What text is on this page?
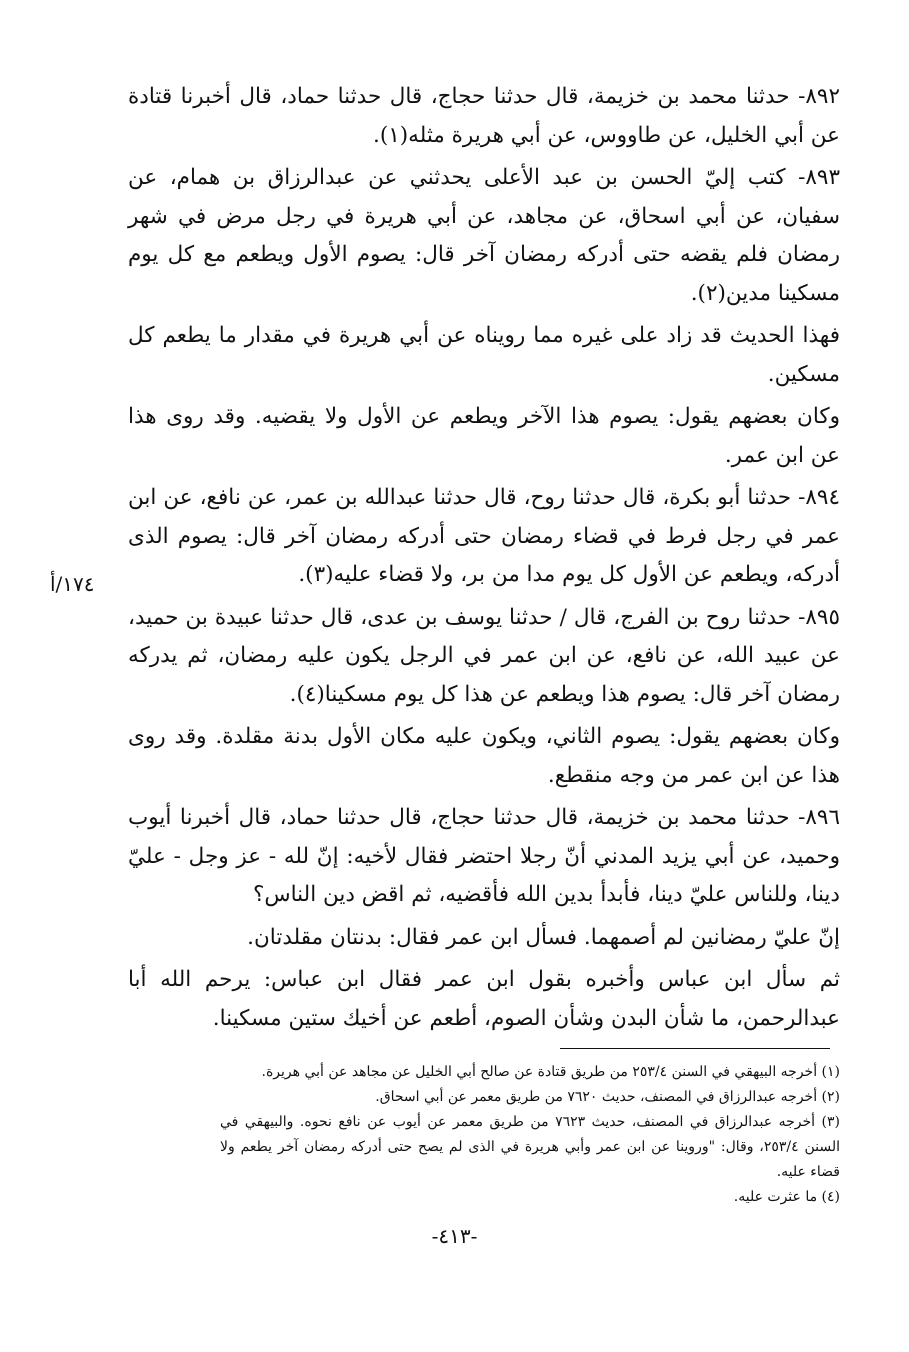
٨٩٢- حدثنا محمد بن خزيمة، قال حدثنا حجاج، قال حدثنا حماد، قال أخبرنا قتادة عن أبي الخليل، عن طاووس، عن أبي هريرة مثله(١).

٨٩٣- كتب إليّ الحسن بن عبد الأعلى يحدثني عن عبدالرزاق بن همام، عن سفيان، عن أبي اسحاق، عن مجاهد، عن أبي هريرة في رجل مرض في شهر رمضان فلم يقضه حتى أدركه رمضان آخر قال: يصوم الأول ويطعم مع كل يوم مسكينا مدين(٢).

فهذا الحديث قد زاد على غيره مما رويناه عن أبي هريرة في مقدار ما يطعم كل مسكين.

وكان بعضهم يقول: يصوم هذا الآخر ويطعم عن الأول ولا يقضيه. وقد روى هذا عن ابن عمر.

٨٩٤- حدثنا أبو بكرة، قال حدثنا روح، قال حدثنا عبدالله بن عمر، عن نافع، عن ابن عمر في رجل فرط في قضاء رمضان حتى أدركه رمضان آخر قال: يصوم الذى أدركه، ويطعم عن الأول كل يوم مدا من بر، ولا قضاء عليه(٣).

٨٩٥- حدثنا روح بن الفرج، قال / حدثنا يوسف بن عدى، قال حدثنا عبيدة بن حميد، عن عبيد الله، عن نافع، عن ابن عمر في الرجل يكون عليه رمضان، ثم يدركه رمضان آخر قال: يصوم هذا ويطعم عن هذا كل يوم مسكينا(٤).

وكان بعضهم يقول: يصوم الثاني، ويكون عليه مكان الأول بدنة مقلدة. وقد روى هذا عن ابن عمر من وجه منقطع.

٨٩٦- حدثنا محمد بن خزيمة، قال حدثنا حجاج، قال حدثنا حماد، قال أخبرنا أيوب وحميد، عن أبي يزيد المدني أنّ رجلا احتضر فقال لأخيه: إنّ لله - عز وجل - عليّ دينا، وللناس عليّ دينا، فأبدأ بدين الله فأقضيه، ثم اقض دين الناس؟

إنّ عليّ رمضانين لم أصمهما. فسأل ابن عمر فقال: بدنتان مقلدتان.

ثم سأل ابن عباس وأخبره بقول ابن عمر فقال ابن عباس: يرحم الله أبا عبدالرحمن، ما شأن البدن وشأن الصوم، أطعم عن أخيك ستين مسكينا.

١٧٤/أ

(١) أخرجه البيهقي في السنن ٢٥٣/٤ من طريق قتادة عن صالح أبي الخليل عن مجاهد عن أبي هريرة.

(٢) أخرجه عبدالرزاق في المصنف، حديث ٧٦٢٠ من طريق معمر عن أبي اسحاق.

(٣) أخرجه عبدالرزاق في المصنف، حديث ٧٦٢٣ من طريق معمر عن أيوب عن نافع نحوه. والبيهقي في السنن ٢٥٣/٤، وقال: "وروينا عن ابن عمر وأبي هريرة في الذى لم يصح حتى أدركه رمضان آخر يطعم ولا قضاء عليه.

(٤) ما عثرت عليه.

-٤١٣-
